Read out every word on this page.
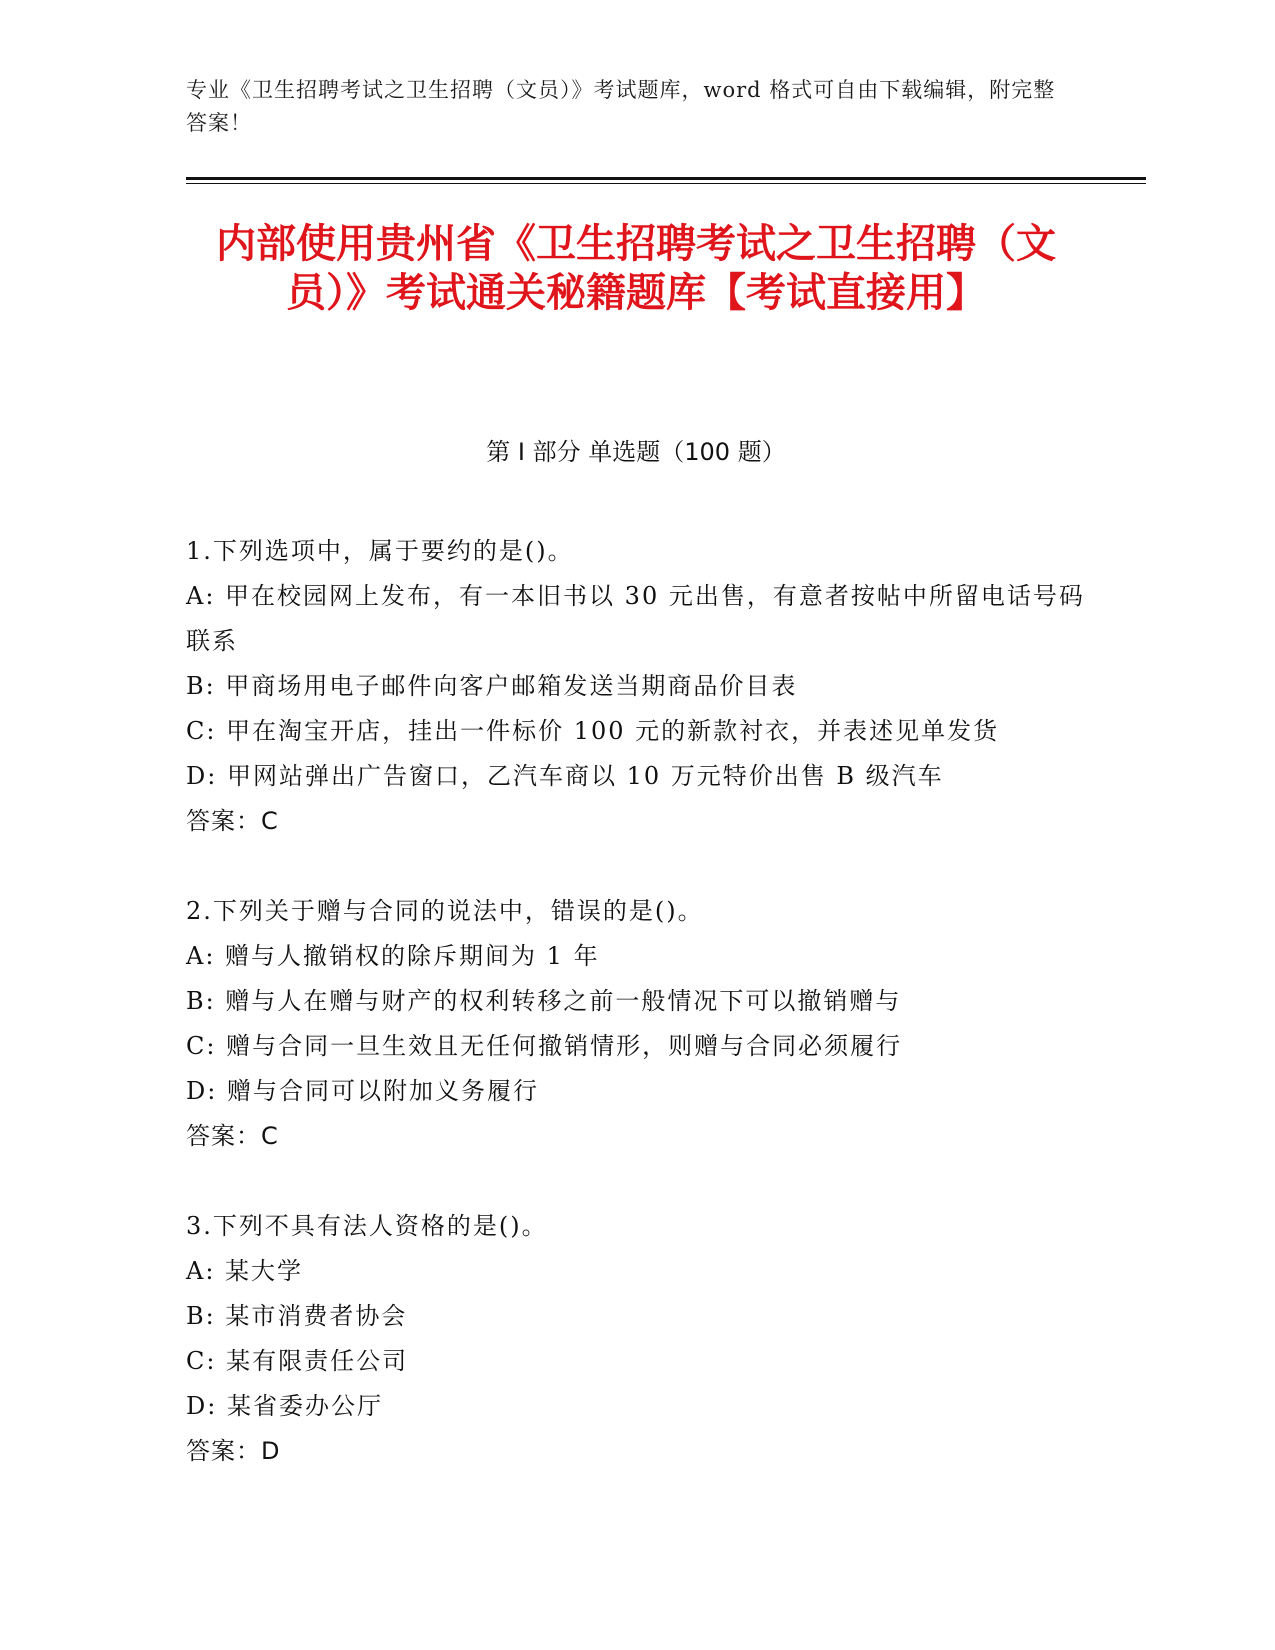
专业《卫生招聘考试之卫生招聘（文员）》考试题库，word 格式可自由下载编辑，附完整答案！
内部使用贵州省《卫生招聘考试之卫生招聘（文员）》考试通关秘籍题库【考试直接用】
第 I 部分 单选题（100 题）
1.下列选项中，属于要约的是()。
A: 甲在校园网上发布，有一本旧书以 30 元出售，有意者按帖中所留电话号码联系
B: 甲商场用电子邮件向客户邮箱发送当期商品价目表
C: 甲在淘宝开店，挂出一件标价 100 元的新款衬衣，并表述见单发货
D: 甲网站弹出广告窗口，乙汽车商以 10 万元特价出售 B 级汽车
答案：C
2.下列关于赠与合同的说法中，错误的是()。
A: 赠与人撤销权的除斥期间为 1 年
B: 赠与人在赠与财产的权利转移之前一般情况下可以撤销赠与
C: 赠与合同一旦生效且无任何撤销情形，则赠与合同必须履行
D: 赠与合同可以附加义务履行
答案：C
3.下列不具有法人资格的是()。
A: 某大学
B: 某市消费者协会
C: 某有限责任公司
D: 某省委办公厅
答案：D
